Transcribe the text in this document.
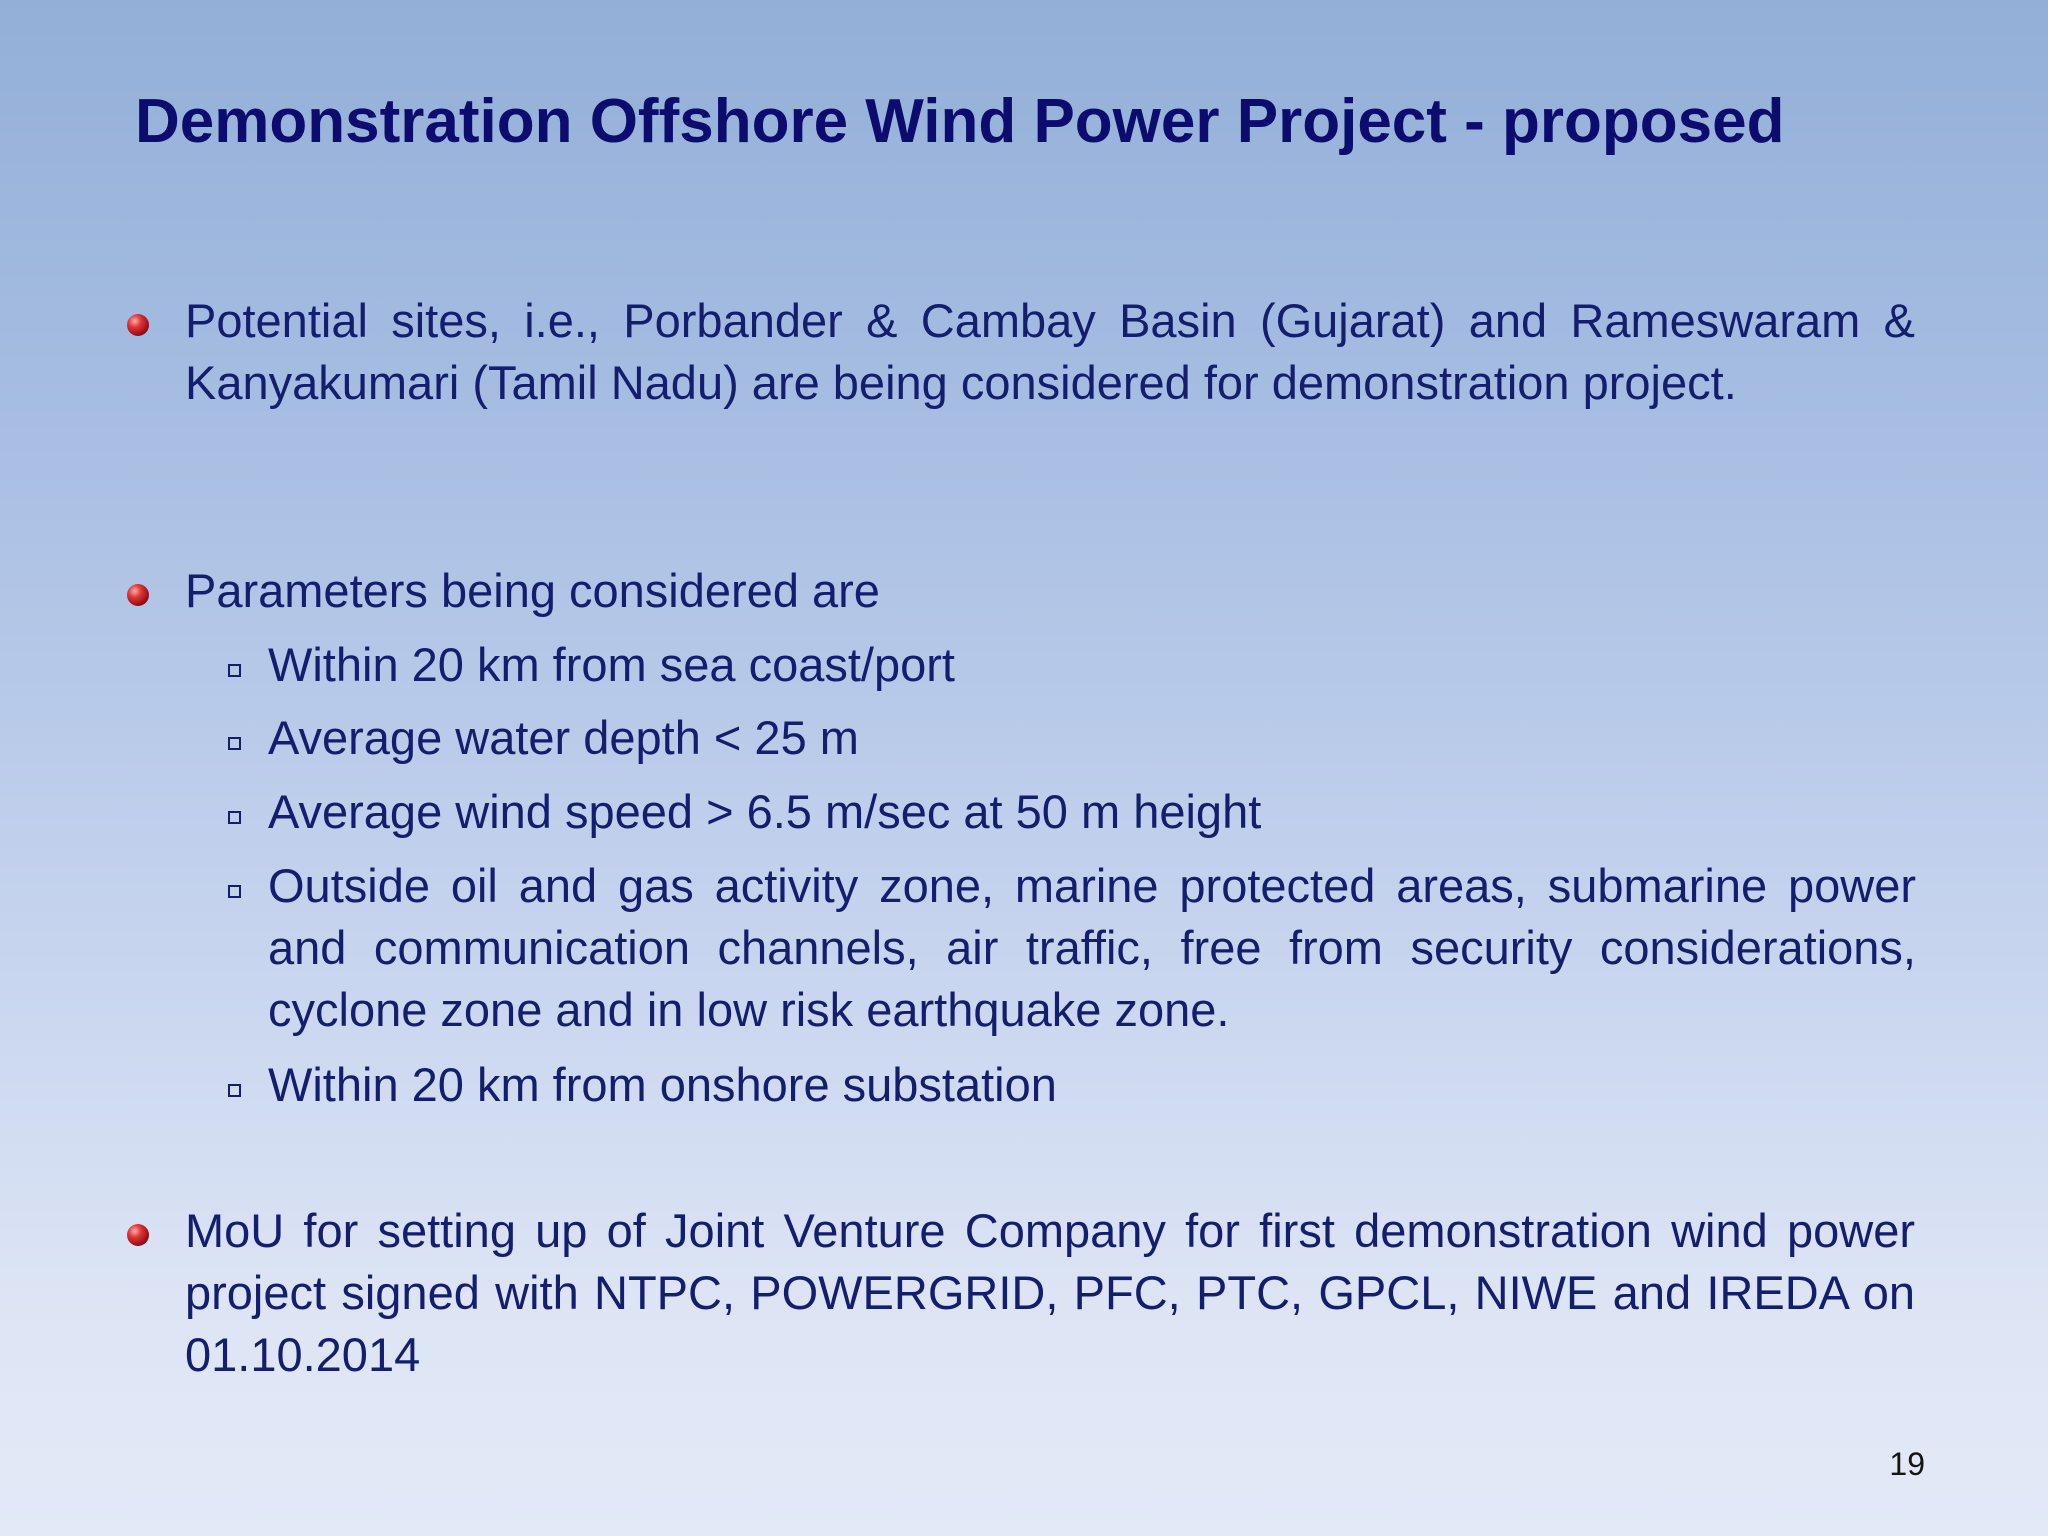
Demonstration Offshore Wind Power Project - proposed
Potential sites, i.e., Porbander & Cambay Basin (Gujarat) and Rameswaram & Kanyakumari (Tamil Nadu) are being considered for demonstration project.
Parameters being considered are
Within 20 km from sea coast/port
Average water depth < 25 m
Average wind speed > 6.5 m/sec at 50 m height
Outside oil and gas activity zone, marine protected areas, submarine power and communication channels, air traffic, free from security considerations, cyclone zone and in low risk earthquake zone.
Within 20 km from onshore substation
MoU for setting up of Joint Venture Company for first demonstration wind power project signed with NTPC, POWERGRID, PFC, PTC, GPCL, NIWE and IREDA on 01.10.2014
19
